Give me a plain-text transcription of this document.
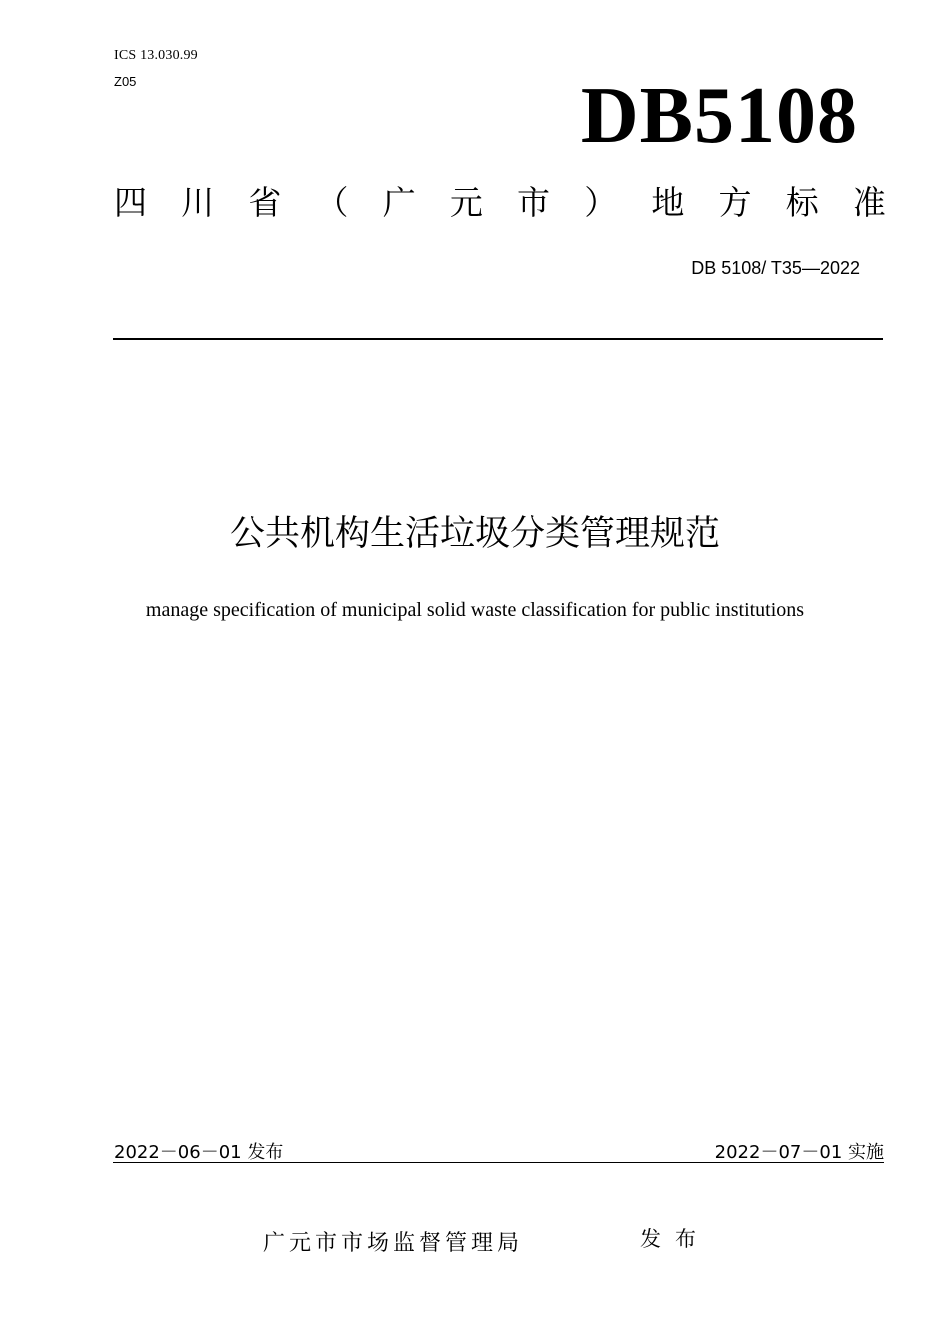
ICS 13.030.99
Z05	DB5108
四 川 省 （ 广 元 市 ） 地 方 标 准
DB 5108/ T35—2022
公共机构生活垃圾分类管理规范
manage specification of municipal solid waste classification for public institutions
2022－06－01 发布	2022－07－01 实施
广元市市场监督管理局	发布
